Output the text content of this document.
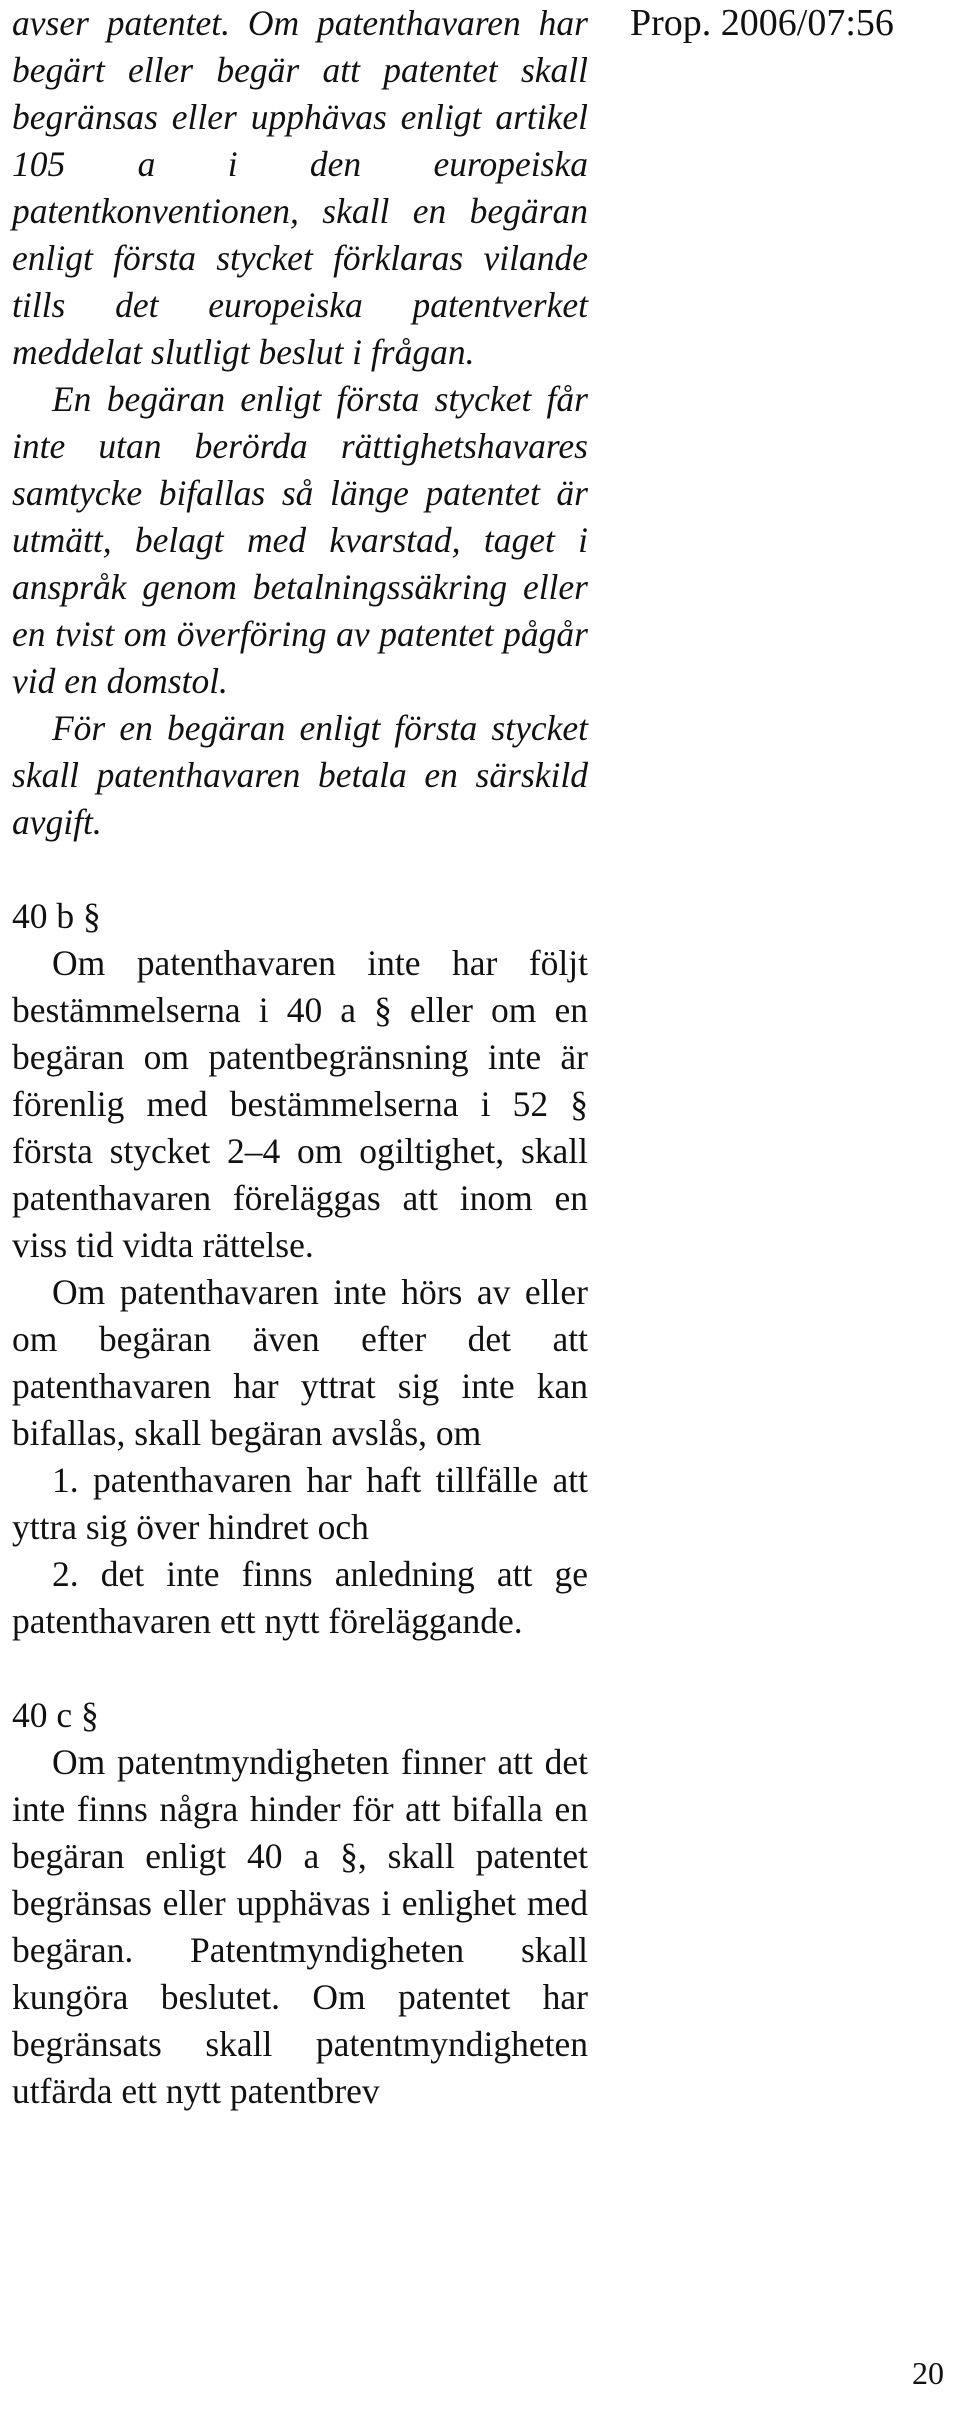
Prop. 2006/07:56

avser patentet. Om patenthavaren har begärt eller begär att patentet skall begränsas eller upphävas enligt artikel 105 a i den europeiska patentkonventionen, skall en begäran enligt första stycket förklaras vilande tills det europeiska patentverket meddelat slutligt beslut i frågan.

En begäran enligt första stycket får inte utan berörda rättighetshavares samtycke bifallas så länge patentet är utmätt, belagt med kvarstad, taget i anspråk genom betalningssäkring eller en tvist om överföring av patentet pågår vid en domstol.

För en begäran enligt första stycket skall patenthavaren betala en särskild avgift.

40 b §

Om patenthavaren inte har följt bestämmelserna i 40 a § eller om en begäran om patentbegränsning inte är förenlig med bestämmelserna i 52 § första stycket 2–4 om ogiltighet, skall patenthavaren föreläggas att inom en viss tid vidta rättelse.

Om patenthavaren inte hörs av eller om begäran även efter det att patenthavaren har yttrat sig inte kan bifallas, skall begäran avslås, om

1. patenthavaren har haft tillfälle att yttra sig över hindret och

2. det inte finns anledning att ge patenthavaren ett nytt föreläggande.

40 c §

Om patentmyndigheten finner att det inte finns några hinder för att bifalla en begäran enligt 40 a §, skall patentet begränsas eller upphävas i enlighet med begäran. Patentmyndigheten skall kungöra beslutet. Om patentet har begränsats skall patentmyndigheten utfärda ett nytt patentbrev

20
